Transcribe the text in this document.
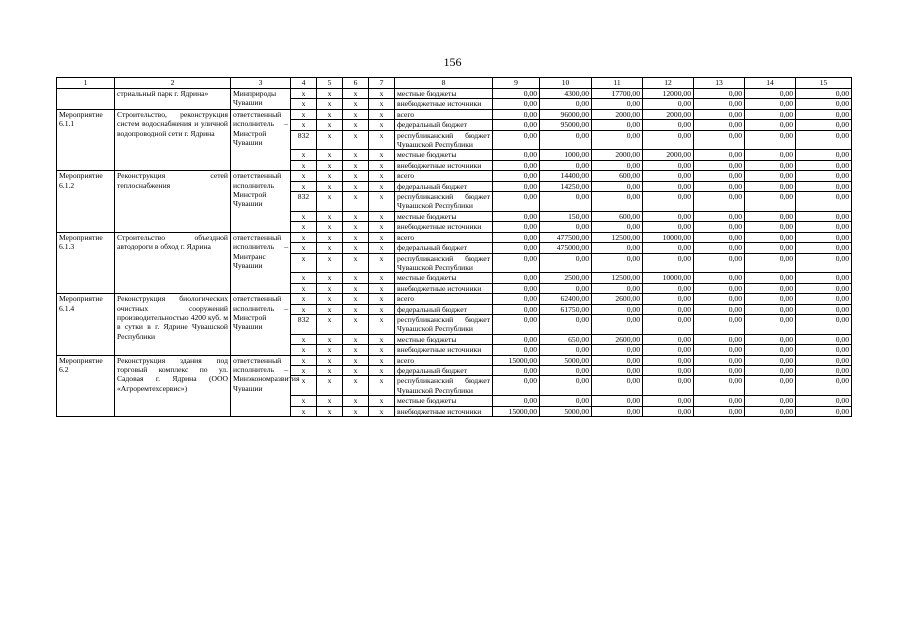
156
1	2	3	4	5	6	7	8	9	10	11	12	13	14	15
	стриальный парк г. Ядрина»	Минприроды Чувашии	x	x	x	x	местные бюджеты	0,00	4300,00	17700,00	12000,00	0,00	0,00	0,00
			x	x	x	x	внебюджетные источники	0,00	0,00	0,00	0,00	0,00	0,00	0,00
Мероприятие 6.1.1	Строительство, реконструкция систем водоснабжения и уличной водопроводной сети г. Ядрина	ответственный исполнитель – Минстрой Чувашии	x	x	x	x	всего	0,00	96000,00	2000,00	2000,00	0,00	0,00	0,00
			x	x	x	x	федеральный бюджет	0,00	95000,00	0,00	0,00	0,00	0,00	0,00
			832	x	x	x	республиканский бюджет Чувашской Республики	0,00	0,00	0,00	0,00	0,00	0,00	0,00
			x	x	x	x	местные бюджеты	0,00	1000,00	2000,00	2000,00	0,00	0,00	0,00
			x	x	x	x	внебюджетные источники	0,00	0,00	0,00	0,00	0,00	0,00	0,00
Мероприятие 6.1.2	Реконструкция сетей теплоснабжения	ответственный исполнитель Минстрой Чувашии	x	x	x	x	всего	0,00	14400,00	600,00	0,00	0,00	0,00	0,00
			x	x	x	x	федеральный бюджет	0,00	14250,00	0,00	0,00	0,00	0,00	0,00
			832	x	x	x	республиканский бюджет Чувашской Республики	0,00	0,00	0,00	0,00	0,00	0,00	0,00
			x	x	x	x	местные бюджеты	0,00	150,00	600,00	0,00	0,00	0,00	0,00
			x	x	x	x	внебюджетные источники	0,00	0,00	0,00	0,00	0,00	0,00	0,00
Мероприятие 6.1.3	Строительство объездной автодороги в обход г. Ядрина	ответственный исполнитель – Минтранс Чувашии	x	x	x	x	всего	0,00	477500,00	12500,00	10000,00	0,00	0,00	0,00
			x	x	x	x	федеральный бюджет	0,00	475000,00	0,00	0,00	0,00	0,00	0,00
			x	x	x	x	республиканский бюджет Чувашской Республики	0,00	0,00	0,00	0,00	0,00	0,00	0,00
			x	x	x	x	местные бюджеты	0,00	2500,00	12500,00	10000,00	0,00	0,00	0,00
			x	x	x	x	внебюджетные источники	0,00	0,00	0,00	0,00	0,00	0,00	0,00
Мероприятие 6.1.4	Реконструкция биологических очистных сооружений производительностью 4200 куб. м в сутки в г. Ядрине Чувашской Республики	ответственный исполнитель – Минстрой Чувашии	x	x	x	x	всего	0,00	62400,00	2600,00	0,00	0,00	0,00	0,00
			x	x	x	x	федеральный бюджет	0,00	61750,00	0,00	0,00	0,00	0,00	0,00
			832	x	x	x	республиканский бюджет Чувашской Республики	0,00	0,00	0,00	0,00	0,00	0,00	0,00
			x	x	x	x	местные бюджеты	0,00	650,00	2600,00	0,00	0,00	0,00	0,00
			x	x	x	x	внебюджетные источники	0,00	0,00	0,00	0,00	0,00	0,00	0,00
Мероприятие 6.2	Реконструкция здания под торговый комплекс по ул. Садовая г. Ядрина (ООО «Агроремтехсервис»)	ответственный исполнитель – Минэкономразвития Чувашии	x	x	x	x	всего	15000,00	5000,00	0,00	0,00	0,00	0,00	0,00
			x	x	x	x	федеральный бюджет	0,00	0,00	0,00	0,00	0,00	0,00	0,00
			x	x	x	x	республиканский бюджет Чувашской Республики	0,00	0,00	0,00	0,00	0,00	0,00	0,00
			x	x	x	x	местные бюджеты	0,00	0,00	0,00	0,00	0,00	0,00	0,00
			x	x	x	x	внебюджетные источники	15000,00	5000,00	0,00	0,00	0,00	0,00	0,00
